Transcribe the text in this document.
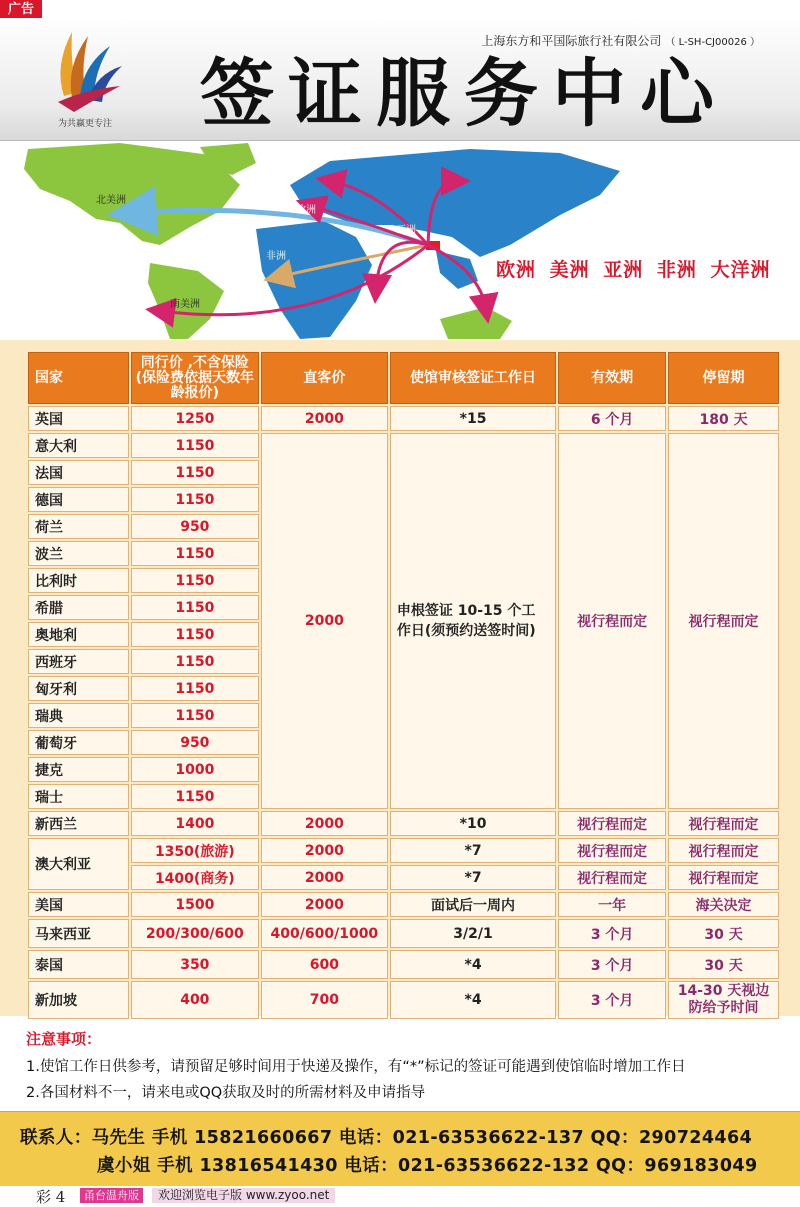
广告
为共赢更专注
上海东方和平国际旅行社有限公司 （ L-SH-CJ00026 ）
签证服务中心
北美洲
南美洲
欧洲
非洲
亚洲
欧洲 美洲 亚洲 非洲 大洋洲
国家	同行价 ,不含保险(保险费依据天数年龄报价)	直客价	使馆审核签证工作日	有效期	停留期
英国	1250	2000	*15	6 个月	180 天
意大利	1150	2000	申根签证 10-15 个工作日(须预约送签时间)	视行程而定	视行程而定
法国	1150				
德国	1150				
荷兰	950				
波兰	1150				
比利时	1150				
希腊	1150				
奥地利	1150				
西班牙	1150				
匈牙利	1150				
瑞典	1150				
葡萄牙	950				
捷克	1000				
瑞士	1150				
新西兰	1400	2000	*10	视行程而定	视行程而定
澳大利亚	1350(旅游)	2000	*7	视行程而定	视行程而定
	1400(商务)	2000	*7	视行程而定	视行程而定
美国	1500	2000	面试后一周内	一年	海关决定
马来西亚	200/300/600	400/600/1000	3/2/1	3 个月	30 天
泰国	350	600	*4	3 个月	30 天
新加坡	400	700	*4	3 个月	14-30 天视边防给予时间
注意事项：
1.使馆工作日供参考，请预留足够时间用于快递及操作，有“*”标记的签证可能遇到使馆临时增加工作日
2.各国材料不一，请来电或QQ获取及时的所需材料及申请指导
联系人：马先生 手机 15821660667 电话：021-63536622-137 QQ：290724464
虞小姐 手机 13816541430 电话：021-63536622-132 QQ：969183049
彩 4	甬台温舟版	欢迎浏览电子版 www.zyoo.net
